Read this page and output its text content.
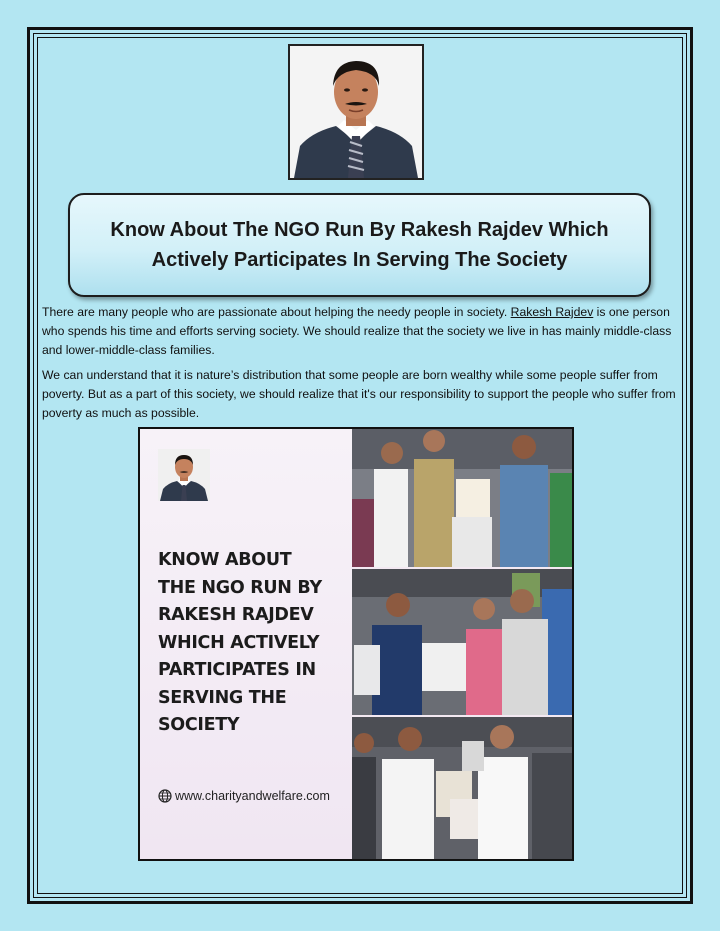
Know About The NGO Run By Rakesh Rajdev Which Actively Participates In Serving The Society

There are many people who are passionate about helping the needy people in society. Rakesh Rajdev is one person who spends his time and efforts serving society. We should realize that the society we live in has mainly middle-class and lower-middle-class families.

We can understand that it is nature’s distribution that some people are born wealthy while some people suffer from poverty. But as a part of this society, we should realize that it's our responsibility to support the people who suffer from poverty as much as possible.

KNOW ABOUT
THE NGO RUN BY
RAKESH RAJDEV
WHICH ACTIVELY
PARTICIPATES IN
SERVING THE
SOCIETY
www.charityandwelfare.com
